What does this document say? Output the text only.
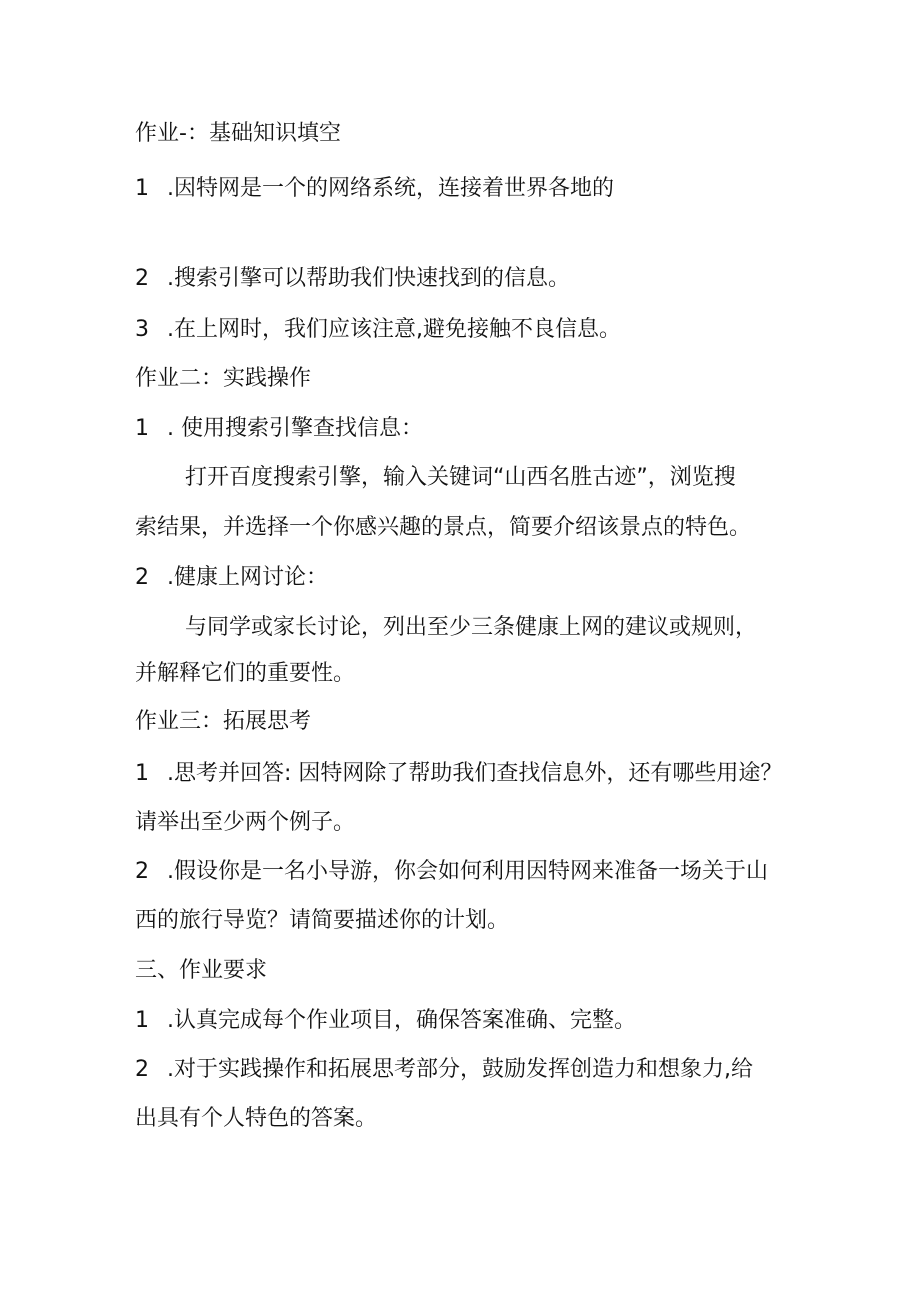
作业-：基础知识填空
1 .因特网是一个的网络系统，连接着世界各地的
2 .搜索引擎可以帮助我们快速找到的信息。
3 .在上网时，我们应该注意,避免接触不良信息。
作业二：实践操作
1 . 使用搜索引擎查找信息：
打开百度搜索引擎，输入关键词“山西名胜古迹”，浏览搜
索结果，并选择一个你感兴趣的景点，简要介绍该景点的特色。
2 .健康上网讨论：
与同学或家长讨论，列出至少三条健康上网的建议或规则，
并解释它们的重要性。
作业三：拓展思考
1 .思考并回答: 因特网除了帮助我们查找信息外，还有哪些用途？
请举出至少两个例子。
2 .假设你是一名小导游，你会如何利用因特网来准备一场关于山
西的旅行导览？请简要描述你的计划。
三、作业要求
1 .认真完成每个作业项目，确保答案准确、完整。
2 .对于实践操作和拓展思考部分，鼓励发挥创造力和想象力,给
出具有个人特色的答案。
